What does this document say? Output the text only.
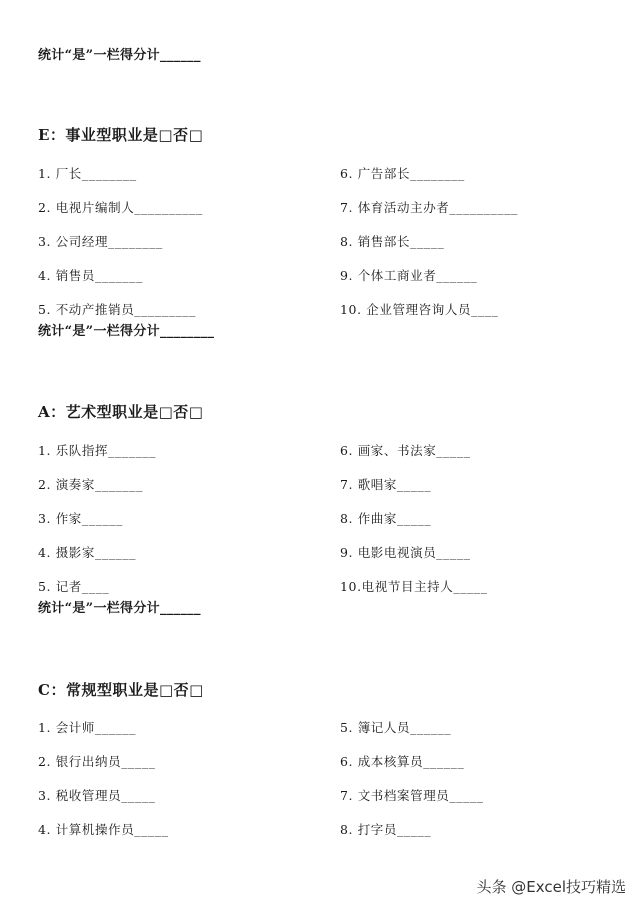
统计“是”一栏得分计______
E：事业型职业是□否□
1. 厂长________
2. 电视片编制人__________
3. 公司经理________
4. 销售员_______
5. 不动产推销员_________
6. 广告部长________
7. 体育活动主办者__________
8. 销售部长_____
9. 个体工商业者______
10. 企业管理咨询人员____
统计“是”一栏得分计________
A：艺术型职业是□否□
1. 乐队指挥_______
2. 演奏家_______
3. 作家______
4. 摄影家______
5. 记者____
6. 画家、书法家_____
7. 歌唱家_____
8. 作曲家_____
9. 电影电视演员_____
10.电视节目主持人_____
统计“是”一栏得分计______
C：常规型职业是□否□
1. 会计师______
2. 银行出纳员_____
3. 税收管理员_____
4. 计算机操作员_____
5. 簿记人员______
6. 成本核算员______
7. 文书档案管理员_____
8. 打字员_____
头条 @Excel技巧精选
